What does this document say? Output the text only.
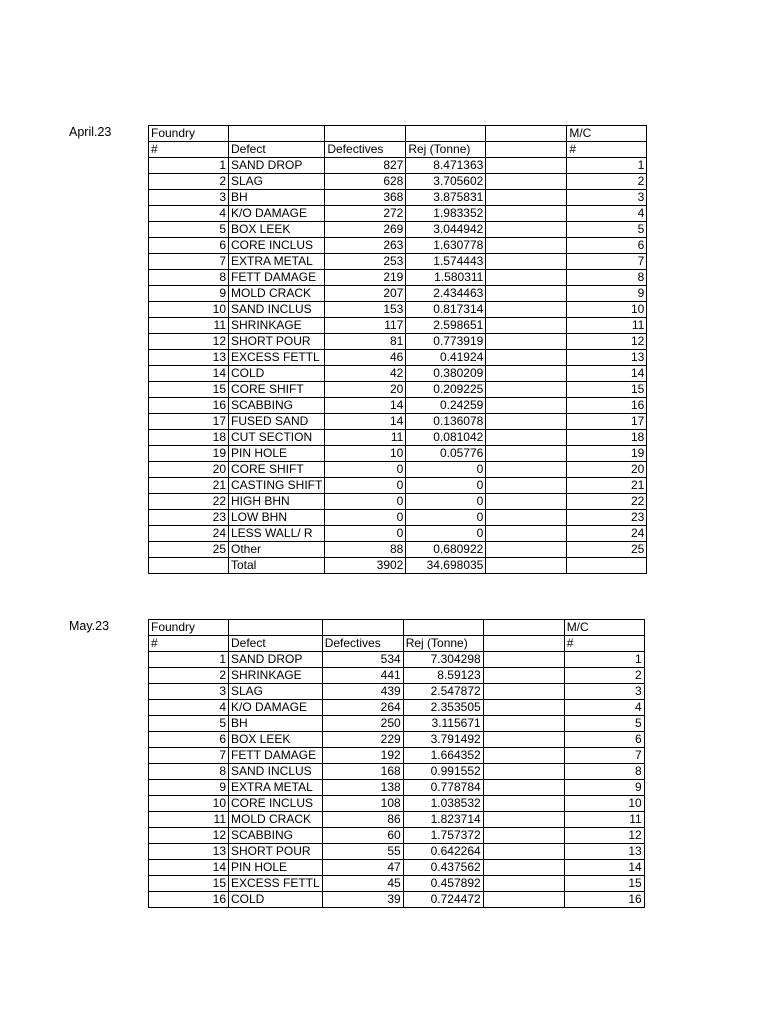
April.23	Foundry					M/C
#	Defect	Defectives	Rej (Tonne)		#
1	SAND DROP	827	8.471363		1
2	SLAG	628	3.705602		2
3	BH	368	3.875831		3
4	K/O DAMAGE	272	1.983352		4
5	BOX LEEK	269	3.044942		5
6	CORE INCLUS	263	1.630778		6
7	EXTRA METAL	253	1.574443		7
8	FETT DAMAGE	219	1.580311		8
9	MOLD CRACK	207	2.434463		9
10	SAND INCLUS	153	0.817314		10
11	SHRINKAGE	117	2.598651		11
12	SHORT POUR	81	0.773919		12
13	EXCESS FETTL	46	0.41924		13
14	COLD	42	0.380209		14
15	CORE SHIFT	20	0.209225		15
16	SCABBING	14	0.24259		16
17	FUSED SAND	14	0.136078		17
18	CUT SECTION	11	0.081042		18
19	PIN HOLE	10	0.05776		19
20	CORE SHIFT	0	0		20
21	CASTING SHIFT	0	0		21
22	HIGH BHN	0	0		22
23	LOW BHN	0	0		23
24	LESS WALL/ R	0	0		24
25	Other	88	0.680922		25
	Total	3902	34.698035		
May.23	Foundry					M/C
#	Defect	Defectives	Rej (Tonne)		#
1	SAND DROP	534	7.304298		1
2	SHRINKAGE	441	8.59123		2
3	SLAG	439	2.547872		3
4	K/O DAMAGE	264	2.353505		4
5	BH	250	3.115671		5
6	BOX LEEK	229	3.791492		6
7	FETT DAMAGE	192	1.664352		7
8	SAND INCLUS	168	0.991552		8
9	EXTRA METAL	138	0.778784		9
10	CORE INCLUS	108	1.038532		10
11	MOLD CRACK	86	1.823714		11
12	SCABBING	60	1.757372		12
13	SHORT POUR	55	0.642264		13
14	PIN HOLE	47	0.437562		14
15	EXCESS FETTL	45	0.457892		15
16	COLD	39	0.724472		16
